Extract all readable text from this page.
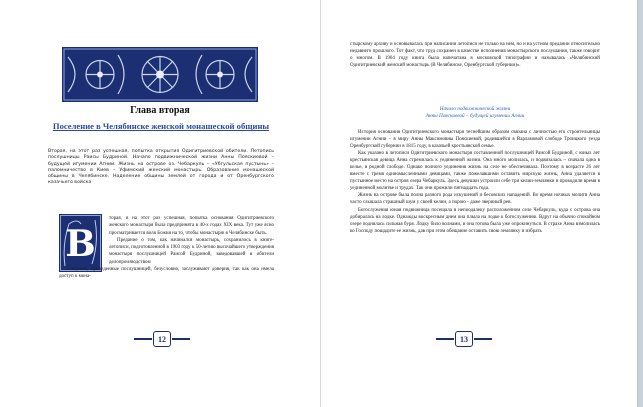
Глава вторая
Поселение в Челябинске женской монашеской общины
Вторая, на этот раз успешная, попытка открытия Одигитриевской обители. Летопись послушницы Раисы Будриной. Начало подвижнической жизни Анны Пояскиевой – будущей игумении Агнии. Жизнь на острове оз. Чебаркуль – «Убгульская пустынь» – паломничество в Киев – Уфимский женский монастырь. Образование монашеской общины в Челябинске. Наделение общины землей от города и от Оренбургского казачьего войска
В

торая, и на этот раз успешная, попытка основания Одигитриевского женского монастыря была предпринята в 40-х годах XIX века. Тут уже ясно просматривается воля Божия на то, чтобы монастырю в Челябинске быть.

Предание о том, как начинался монастырь, сохранилось в книге-летописи, подготовленной в 1903 году к 50-летию высочайшего утверждения монастыря послушницей Раисой Будриной, заведовавшей в обители делопроизводством

Сведения, приведенные послушницей, безусловно, заслуживают доверия, так как она имела доступ к мона-

12

стырскому архиву и основывалась при написании летописи не только на нем, но и на устном предании относительно недавнего прошлого. Тот факт, что труд сохранен в качестве исполнения монастырского послушания, также говорит о многом. В 1904 году книга была напечатана в московской типографии и называлась «Челябинский Одигитриевский женский монастырь (В Челябинске, Оренбургской губернии)».

Начало подвижнической жизни
Анны Пояскиевой – будущей игумении Агнии

История основания Одигитриевского монастыря теснейшим образом связана с личностью его строительницы игумении Агнии – в миру Анны Максимовны Пояскиевой, родившейся в Варламовой слободе Троицкого уезда Оренбургской губернии в 1815 году, в казачьей крестьянской семье.

Как указано в летописи Одигитриевского монастыря составленной послушницей Раисой Будриной, с юных лет крестьянская девица Анна стремилась к уединенной жизни. Она много молилась, и подвизалась – сначала одна в келье, в родной слободе. Однако полного уединения жизнь на селе не обеспечивала. Поэтому в возрасте 26 лет вместе с тремя единомысленными девицами, также пожелавшими оставить мирскую жизнь, Анна удаляется в пустынное место на остров озера Чебаркуль. Здесь девушки устроили себе три келии-землянки и проводили время в уединенной молитве и трудах. Так они прожили пятнадцать года.

Жизнь на острове была полна разного рода искушений и бесовских нападений. Во время ночных молитв Анна часто слышала страшный шум у своей келии, а порою - даже звериный рев.

Богослужения юная подвижница посещала в непоодалеку расположенном селе Чебаркуль, куда с острова она добиралась на лодке. Однажды воскресным днем она плыла на лодке к богослужению. Вдруг на обычно спокойном озере поднялась сильная буря. Лодку било волнами, и она готова была уже опрокинуться. В страхе Анна взмолилась ко Господу пощадите ее жизнь, дав при этом обещание оставить свою землянку и избрать

13
